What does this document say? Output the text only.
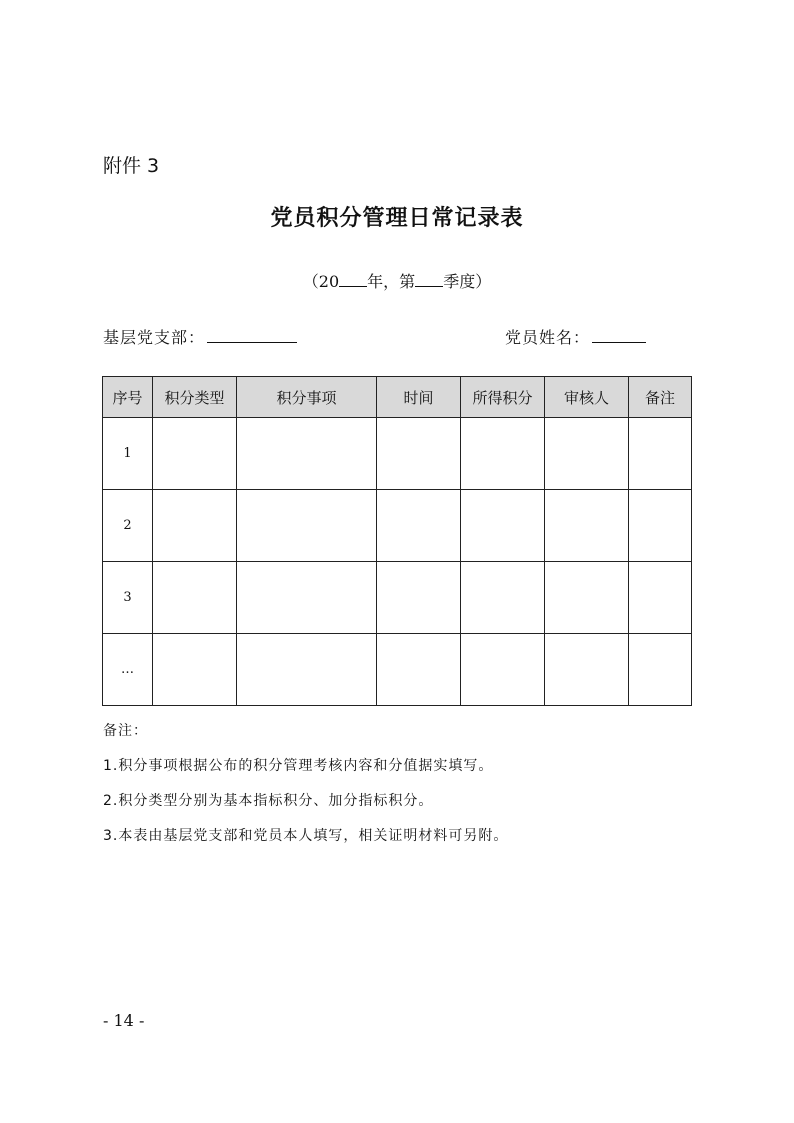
附件 3
党员积分管理日常记录表
（20 年，第 季度）
基层党支部：	党员姓名：
序号	积分类型	积分事项	时间	所得积分	审核人	备注
1						
2						
3						
…						
备注：
1.积分事项根据公布的积分管理考核内容和分值据实填写。
2.积分类型分别为基本指标积分、加分指标积分。
3.本表由基层党支部和党员本人填写，相关证明材料可另附。
- 14 -
